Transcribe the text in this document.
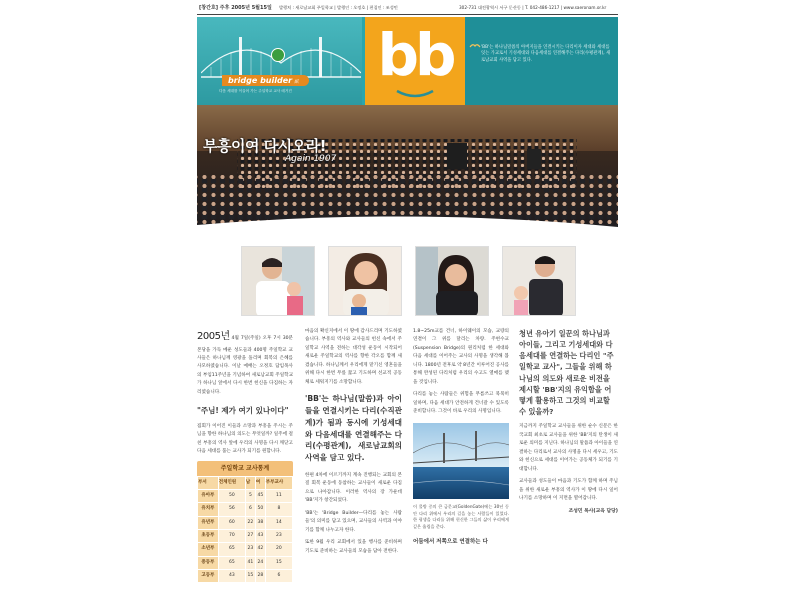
[창간호] 주후 2005년 5월15일 발행처 : 새로남교회 주일학교 | 발행인 : 오정호 | 편집인 : 조성민	302-731 대전광역시 서구 둔산동 | T. 042-486-1217 | www.saeronam.or.kr
bridge builder 紙
다음 세대를 이끌어 가는 주일학교 교사 매거진
bb	'BB'는 하나님말씀의 아버지들을 연결시키는 다리이자 세대와 세대를 잇는 가교로서 기성세대와 다음세대를 연결해주는 다리(수평관계), 새로남교회 사역을 담고 있다.
부흥이여 다시오라!
Again 1907

2005년 4월 7일(주일) 오후 7시 30분 본당을 가득 메운 성도들과 400명 주일학교 교사들은 하나님께 영광을 돌리며 회복의 은혜를 사모하였습니다. 이날 예배는 오정호 담임목사의 부임11주년을 기념하여 새로남교회 주일학교가 하나님 앞에서 다시 한번 헌신을 다짐하는 자리였습니다.

"주님! 제가 여기 있나이다"

집회가 이어진 이들과 소망과 부흥을 주시는 주님을 향한 하나님의 의도는 무엇일까? 일주에 걸친 부흥의 역사 앞에 우리의 사명을 다시 깨닫고 다음 세대를 품는 교사가 되기를 원합니다.

주일학교 교사통계
부서	전체인원	남	여	부부교사
유아부	50	5	45	11
유치부	56	6	50	8
유년부	60	22	38	14
초등부	70	27	43	23
소년부	65	23	42	20
중등부	65	41	24	15
고등부	43	15	28	6

마음의 확신지에서 이 땅에 감사드리며 기도하였습니다. 부흥의 역사와 교사들의 헌신 속에서 주일학교 사역을 전하는 대각성 운동이 시작되어 새로운 주일학교의 역사를 향한 각오를 함께 새겼습니다. 하나님께서 우리에게 맡기신 영혼들을 위해 다시 한번 무릎 꿇고 기도하며 선교적 공동체로 세워지기를 소망합니다.

'BB'는 하나님(말씀)과 아이들을 연결시키는 다리(수직관계)가 됨과 동시에 기성세대와 다음세대를 연결해주는 다리(수평관계), 새로남교회의 사역을 담고 있다.

한편 4차에 이르기까지 계속 진행되는 교회의 본질 회복 운동에 동참하는 교사들이 새로운 다짐으로 나아갑니다. 이러한 역사의 장 가운데 'BB'지가 창간되었다.

'BB'는 'Bridge Builder—다리를 놓는 사람들'의 의미를 담고 있으며, 교사들의 사역과 이야기를 함께 나누고자 한다.

또한 9월 우리 교회에서 있을 행사를 준비하며 기도로 준비하는 교사들의 모습을 담아 전한다.

1.8~25m교를 건너, 하이웨이의 모습, 교량의 연결이 그 위를 달리는 차량. 주현수교(Suspension Bridge)의 원리처럼 한 세대와 다음 세대를 이어주는 교사의 사명을 생각해 봅니다. 1800년 전후로 약 8년간 이루어진 공사를 통해 완성된 다리처럼 우리의 수고도 열매를 맺을 것입니다.

다리를 놓는 사람들은 위험을 무릅쓰고 묵묵히 일하며, 다음 세대가 안전하게 건너갈 수 있도록 준비합니다. 그것이 바로 우리의 사명입니다.

이 물방 중의 큰 금문교(GoldenGate)에는 30년 동안 다리 위에서 우리의 길을 놓는 사람들이 있었다. 한 평생을 다리를 위해 헌신한 그들의 삶이 우리에게 깊은 울림을 준다.

어둠에서 저쪽으로 연결하는 다
청년 유아기 일꾼의 하나님과 아이들, 그리고 기성세대와 다음세대를 연결하는 다리인 "주일학교 교사", 그들을 위해 하나님의 의도와 새로운 비전을 제시할 'BB'지의 유익함을 어떻게 활용하고 그것의 비교할 수 있을까?

지금까지 주일학교 교사들을 위한 순수 신문은 한국교회 최초로 교사들을 위한 'BB'지의 탄생이 새로운 의미를 지닌다. 하나님의 말씀과 아이들을 연결하는 다리로서 교사의 사명을 다시 세우고, 기도와 헌신으로 세대를 이어가는 공동체가 되기를 기대합니다.

교사들과 성도들이 마음과 기도가 함께 하며 주님을 위한 새로운 부흥의 역사가 이 땅에 다시 일어나기를 소망하며 이 지면을 열어갑니다.

조성민 목사(교육 담당)
